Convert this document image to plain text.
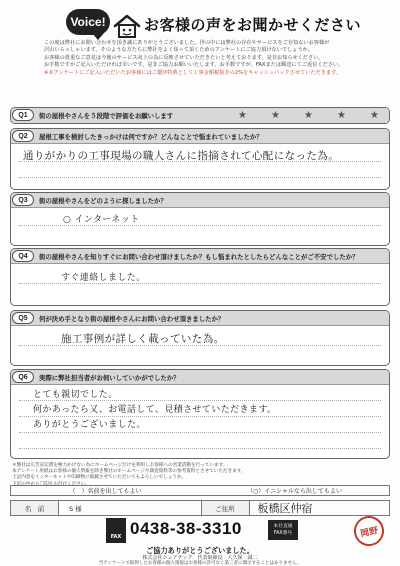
Voice!	お客様の声をお聞かせください
この度は弊社にお問い合わせを頂き誠にありがとうございました。世の中には弊社の存在やサービスをご存知ないお客様が
沢山いらっしゃいます。そのような方たちに弊社をよく知って頂くためのアンケートにご協力頂けないでしょうか。
お客様の貴重なご意見は今後のサービス向上の為に反映させていただきたいと考えております。是非お知らせください。
お手数ですがご記入いただければ幸いです。是非ご協力お願いいたします。お手数ですが、FAXまたは郵送にてご返信ください。
※本アンケートにご記入いただいたお客様にはご優待特典として工事金額税抜きの2%をキャッシュバックさせていただきます。
Q1	街の屋根やさんを５段階で評価をお願いします	★ ★ ★ ★ ★
Q2	屋根工事を検討したきっかけは何ですか？どんなことで悩まれていましたか？
通りがかりの工事現場の職人さんに指摘されて心配になった為。
Q3	街の屋根やさんをどのように探しましたか？
○ インターネット
Q4	街の屋根やさんを知りすぐにお問い合わせ頂けましたか？もし悩まれたとしたらどんなことがご不安でしたか？
すぐ連絡しました。
Q5	何が決め手となり街の屋根やさんにお問い合わせ頂きましたか？
施工事例が詳しく載っていた為。
Q6	実際に弊社担当者がお伺いしていかがでしたか？
とても親切でした。
何かあったら又、お電話して、見積させていただきます。
ありがとうございました。
＊弊社は広告宣伝費を極力かけない為にホームページだけを利用しお客様への営業活動を行っています。
本アンケート用紙はお客様の個人情報を除き弊社のホームページや調査資料等の参考資料とさせていただきます。
上記内容をインターネットや印刷物に掲載させていただいてもよろしいでしょうか。
下記の中から〇印をお付けください。
（　） 名前を出してもよい	（○） イニシャルなら出してもよい
名　前	S 様	ご住所	板橋区仲宿
FAX 0438-38-3310	本社直通
FAX番号	岡野
ご協力ありがとうございました。
株式会社シェアテック　代表取締役　大久保　誠二
当アンケートで取得したお客様の個人情報はお客様の許可なく第三者に開示することはありません。
